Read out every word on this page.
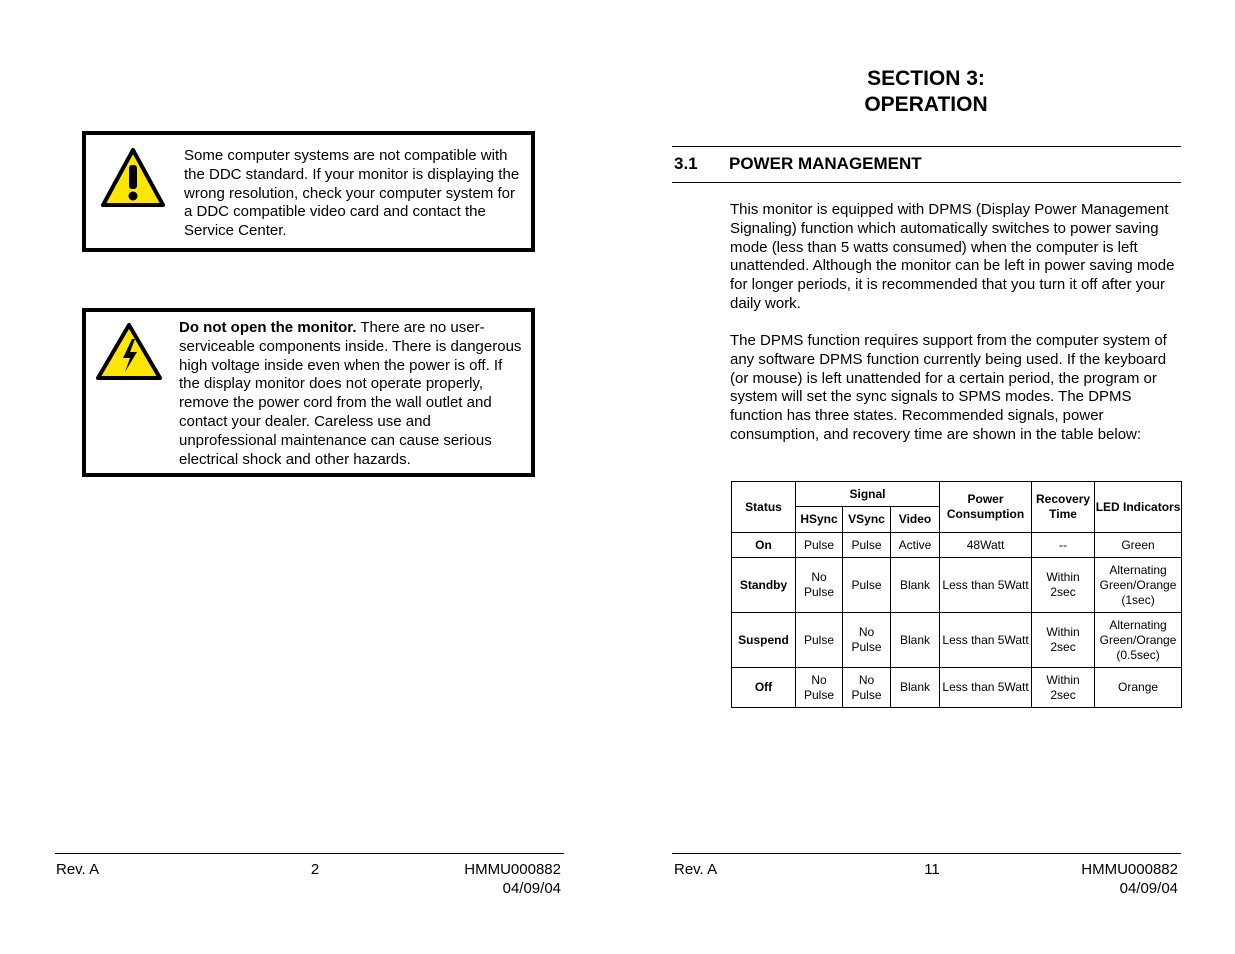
Some computer systems are not compatible with the DDC standard. If your monitor is displaying the wrong resolution, check your computer system for a DDC compatible video card and contact the Service Center.
Do not open the monitor. There are no user-serviceable components inside. There is dangerous high voltage inside even when the power is off. If the display monitor does not operate properly, remove the power cord from the wall outlet and contact your dealer. Careless use and unprofessional maintenance can cause serious electrical shock and other hazards.
Rev. A	2	HMMU000882
04/09/04
SECTION 3:
OPERATION
3.1 POWER MANAGEMENT
This monitor is equipped with DPMS (Display Power Management Signaling) function which automatically switches to power saving mode (less than 5 watts consumed) when the computer is left unattended. Although the monitor can be left in power saving mode for longer periods, it is recommended that you turn it off after your daily work.
The DPMS function requires support from the computer system of any software DPMS function currently being used. If the keyboard (or mouse) is left unattended for a certain period, the program or system will set the sync signals to SPMS modes. The DPMS function has three states. Recommended signals, power consumption, and recovery time are shown in the table below:
Status	Signal			Power Consumption	Recovery Time	LED Indicators
	HSync	VSync	Video			
On	Pulse	Pulse	Active	48Watt	--	Green
Standby	No Pulse	Pulse	Blank	Less than 5Watt	Within 2sec	Alternating Green/Orange (1sec)
Suspend	Pulse	No Pulse	Blank	Less than 5Watt	Within 2sec	Alternating Green/Orange (0.5sec)
Off	No Pulse	No Pulse	Blank	Less than 5Watt	Within 2sec	Orange
Rev. A	11	HMMU000882
04/09/04
